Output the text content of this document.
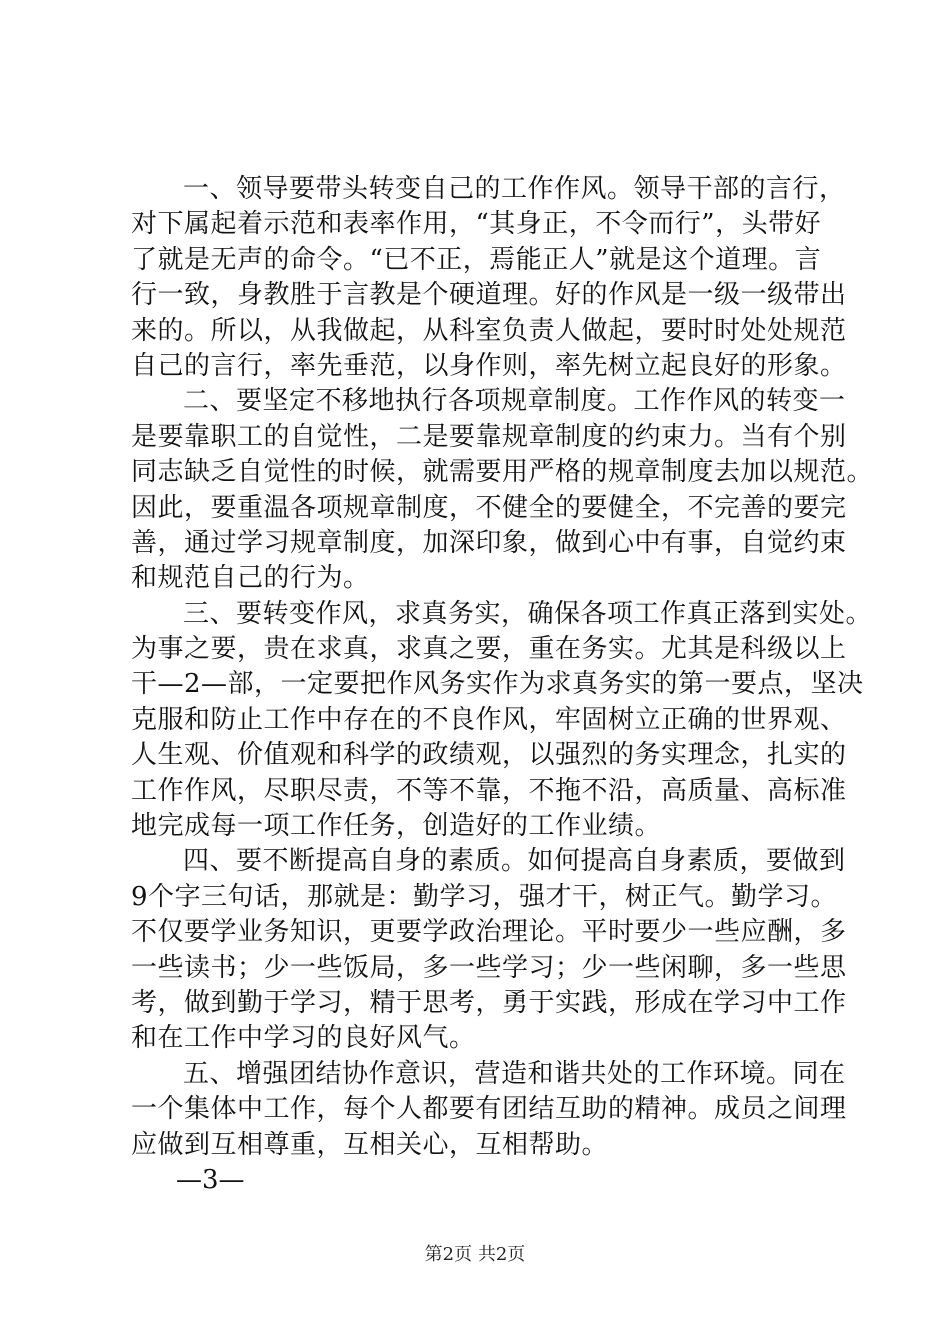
一、领导要带头转变自己的工作作风。领导干部的言行，
对下属起着示范和表率作用，“其身正，不令而行”，头带好
了就是无声的命令。“已不正，焉能正人”就是这个道理。言
行一致，身教胜于言教是个硬道理。好的作风是一级一级带出
来的。所以，从我做起，从科室负责人做起，要时时处处规范
自己的言行，率先垂范，以身作则，率先树立起良好的形象。
二、要坚定不移地执行各项规章制度。工作作风的转变一
是要靠职工的自觉性，二是要靠规章制度的约束力。当有个别
同志缺乏自觉性的时候，就需要用严格的规章制度去加以规范。
因此，要重温各项规章制度，不健全的要健全，不完善的要完
善，通过学习规章制度，加深印象，做到心中有事，自觉约束
和规范自己的行为。
三、要转变作风，求真务实，确保各项工作真正落到实处。
为事之要，贵在求真，求真之要，重在务实。尤其是科级以上
干—2—部，一定要把作风务实作为求真务实的第一要点，坚决
克服和防止工作中存在的不良作风，牢固树立正确的世界观、
人生观、价值观和科学的政绩观，以强烈的务实理念，扎实的
工作作风，尽职尽责，不等不靠，不拖不沿，高质量、高标准
地完成每一项工作任务，创造好的工作业绩。
四、要不断提高自身的素质。如何提高自身素质，要做到
9个字三句话，那就是：勤学习，强才干，树正气。勤学习。
不仅要学业务知识，更要学政治理论。平时要少一些应酬，多
一些读书；少一些饭局，多一些学习；少一些闲聊，多一些思
考，做到勤于学习，精于思考，勇于实践，形成在学习中工作
和在工作中学习的良好风气。
五、增强团结协作意识，营造和谐共处的工作环境。同在
一个集体中工作，每个人都要有团结互助的精神。成员之间理
应做到互相尊重，互相关心，互相帮助。
—3—
第2页 共2页
